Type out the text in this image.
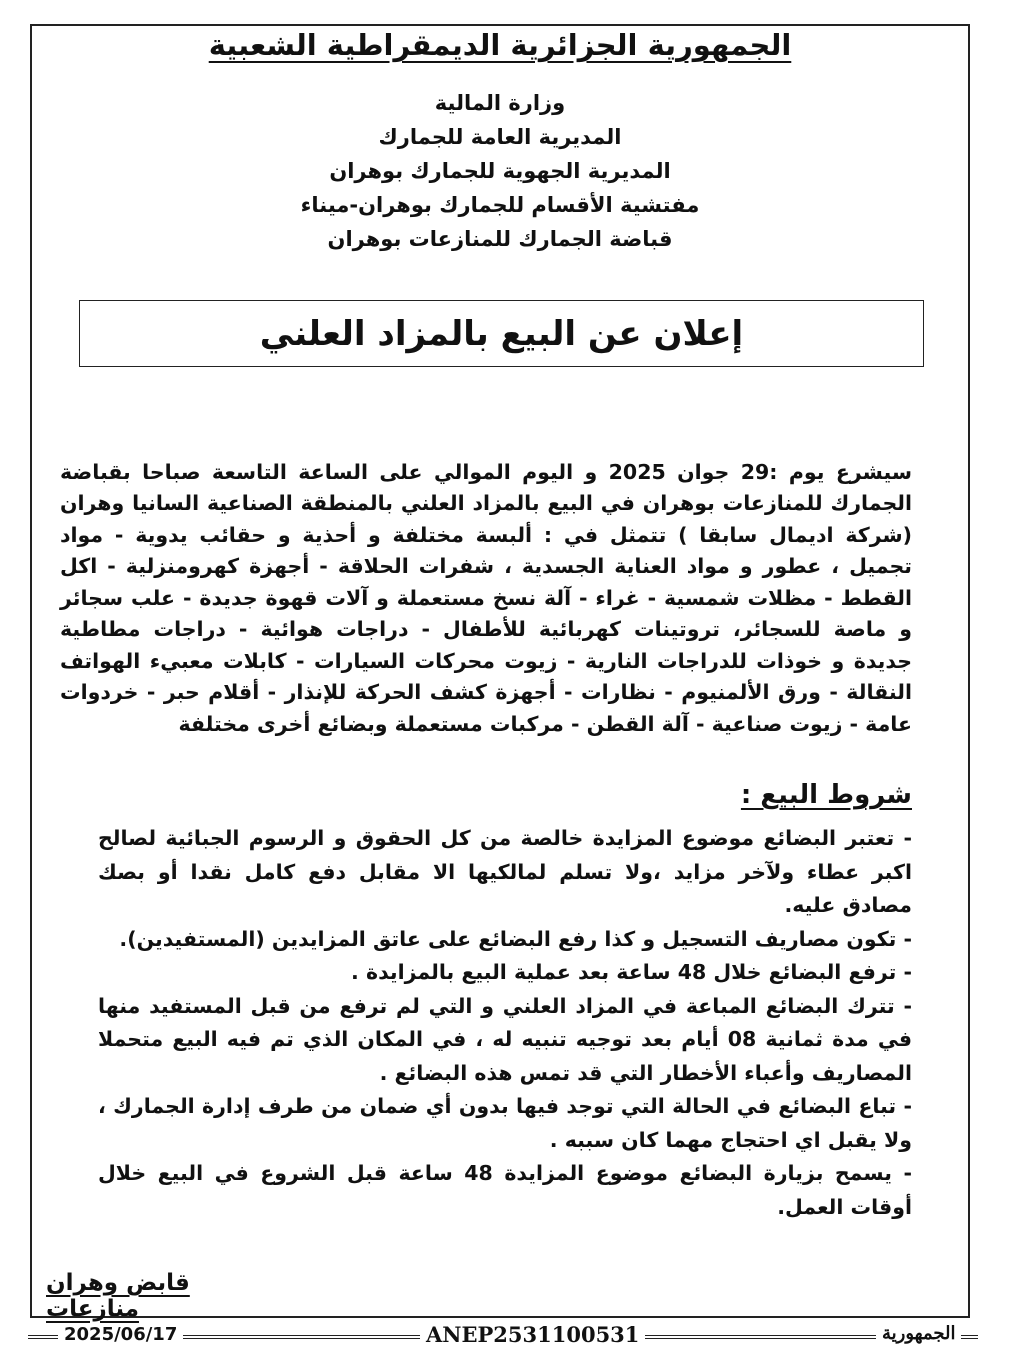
الجمهورية الجزائرية الديمقراطية الشعبية
وزارة المالية
المديرية العامة للجمارك
المديرية الجهوية للجمارك بوهران
مفتشية الأقسام للجمارك بوهران-ميناء
قباضة الجمارك للمنازعات بوهران
إعلان عن البيع بالمزاد العلني

سيشرع يوم :29 جوان 2025 و اليوم الموالي على الساعة التاسعة صباحا بقباضة الجمارك للمنازعات بوهران في البيع بالمزاد العلني بالمنطقة الصناعية السانيا وهران (شركة اديمال سابقا ) تتمثل في : ألبسة مختلفة و أحذية و حقائب يدوية - مواد تجميل ، عطور و مواد العناية الجسدية ، شفرات الحلاقة - أجهزة كهرومنزلية - اكل القطط - مظلات شمسية - غراء - آلة نسخ مستعملة و آلات قهوة جديدة - علب سجائر و ماصة للسجائر، تروتينات كهربائية للأطفال - دراجات هوائية - دراجات مطاطية جديدة و خوذات للدراجات النارية - زيوت محركات السيارات - كابلات معبيء الهواتف النقالة - ورق الألمنيوم - نظارات - أجهزة كشف الحركة للإنذار - أقلام حبر - خردوات عامة - زيوت صناعية - آلة القطن - مركبات مستعملة وبضائع أخرى مختلفة

شروط البيع :
- تعتبر البضائع موضوع المزايدة خالصة من كل الحقوق و الرسوم الجبائية لصالح اكبر عطاء ولآخر مزايد ،ولا تسلم لمالكيها الا مقابل دفع كامل نقدا أو بصك مصادق عليه.
- تكون مصاريف التسجيل و كذا رفع البضائع على عاتق المزايدين (المستفيدين).
- ترفع البضائع خلال 48 ساعة بعد عملية البيع بالمزايدة .
- تترك البضائع المباعة في المزاد العلني و التي لم ترفع من قبل المستفيد منها في مدة ثمانية 08 أيام بعد توجيه تنبيه له ، في المكان الذي تم فيه البيع متحملا المصاريف وأعباء الأخطار التي قد تمس هذه البضائع .
- تباع البضائع في الحالة التي توجد فيها بدون أي ضمان من طرف إدارة الجمارك ، ولا يقبل اي احتجاج مهما كان سببه .
- يسمح بزيارة البضائع موضوع المزايدة 48 ساعة قبل الشروع في البيع خلال أوقات العمل.
قابض وهران منازعات
2025/06/17	ANEP2531100531	الجمهورية
